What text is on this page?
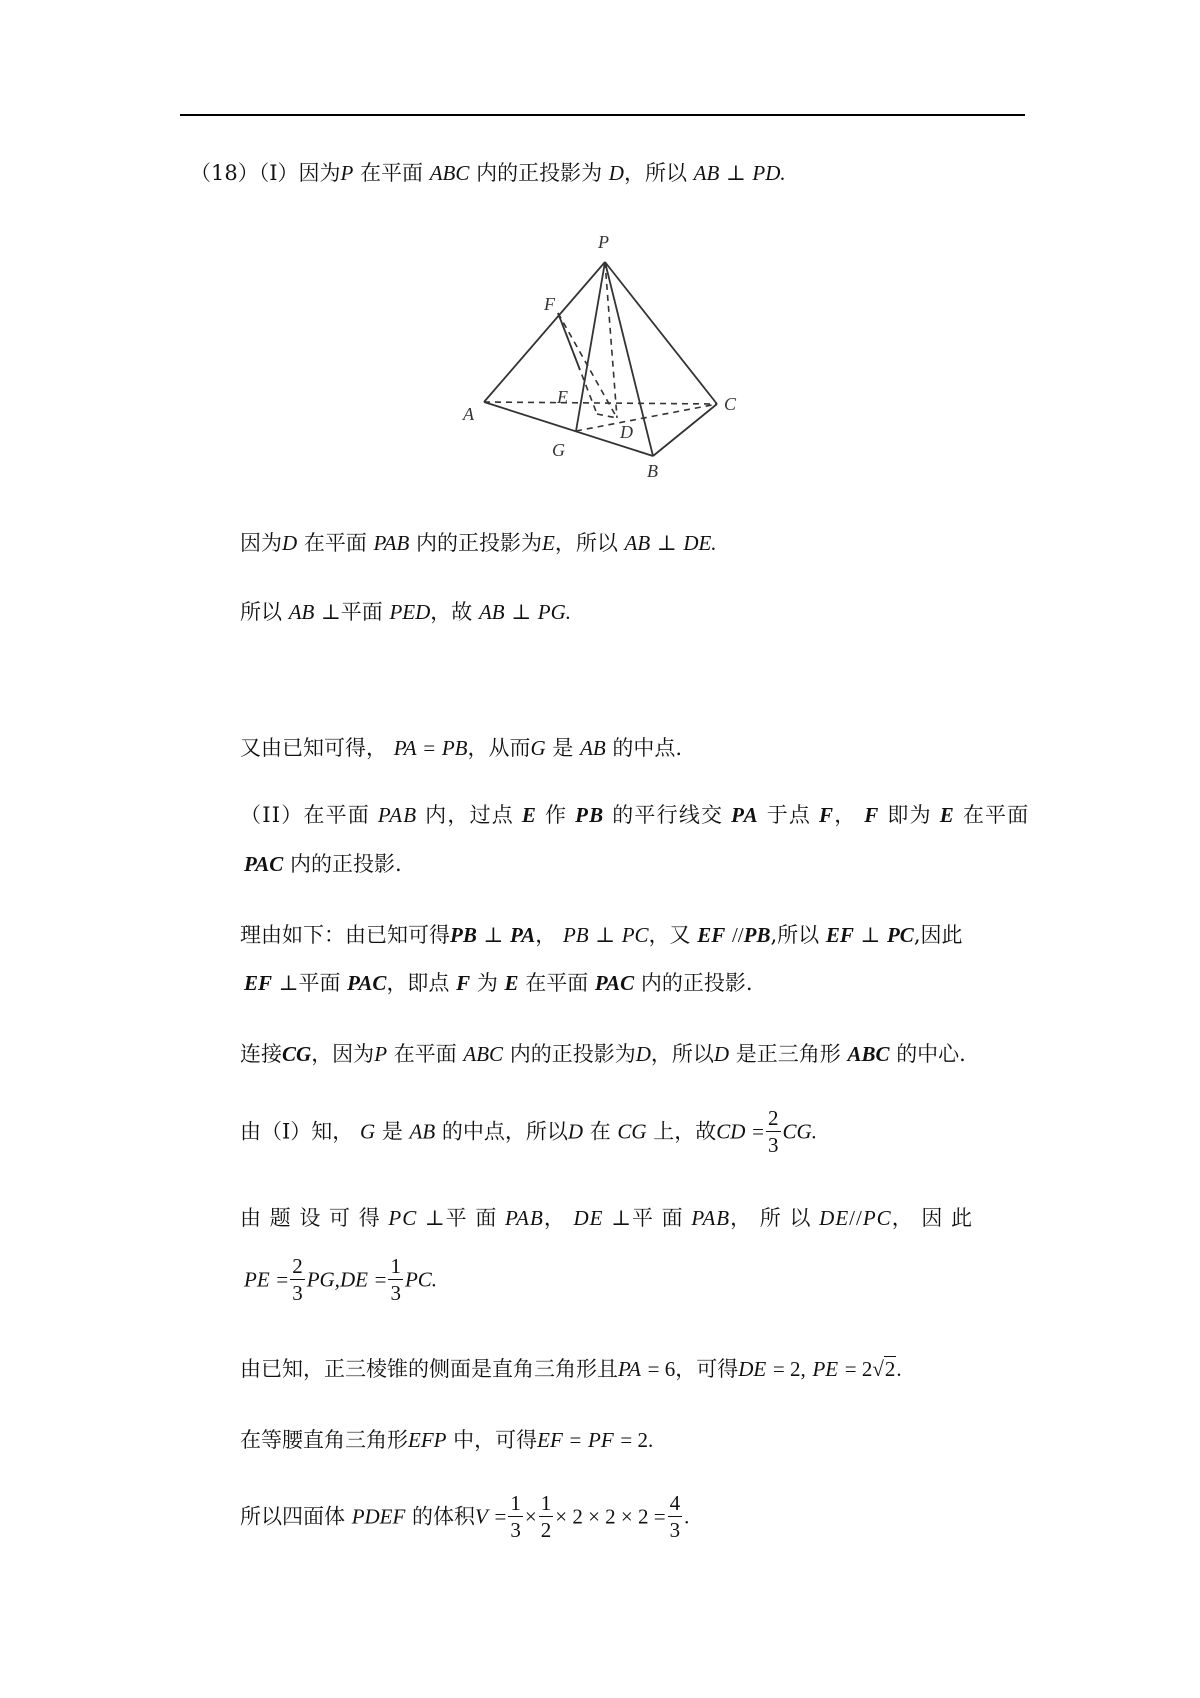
（18）（I）因为P 在平面 ABC 内的正投影为 D，所以 AB ⊥ PD.
P
F
E
A	C
D
G
B
因为D 在平面 PAB 内的正投影为E，所以 AB ⊥ DE.
所以 AB ⊥平面 PED，故 AB ⊥ PG.
又由已知可得， PA = PB，从而G 是 AB 的中点.
（II）在平面 PAB 内，过点 E 作 PB 的平行线交 PA 于点 F， F 即为 E 在平面
PAC 内的正投影.
理由如下：由已知可得PB ⊥ PA， PB ⊥ PC，又 EF //PB,所以 EF ⊥ PC,因此
EF ⊥平面 PAC，即点 F 为 E 在平面 PAC 内的正投影.
连接CG，因为P 在平面 ABC 内的正投影为D，所以D 是正三角形 ABC 的中心.
由（I）知， G 是 AB 的中点，所以D 在 CG 上，故CD = $\frac{2}{3}$ CG.
由 题 设 可 得 PC ⊥平 面 PAB， DE ⊥平 面 PAB， 所 以 DE//PC， 因 此
PE = $\frac{2}{3} PG,DE = \frac{1}{3}$ PC.
由已知，正三棱锥的侧面是直角三角形且PA = 6，可得DE = 2, PE = 2√2.
在等腰直角三角形EFP 中，可得EF = PF = 2.
所以四面体 PDEF 的体积$V = \frac{1}{3} \times \frac{1}{2} \times 2 \times 2 \times 2 = \frac{4}{3}$ .
